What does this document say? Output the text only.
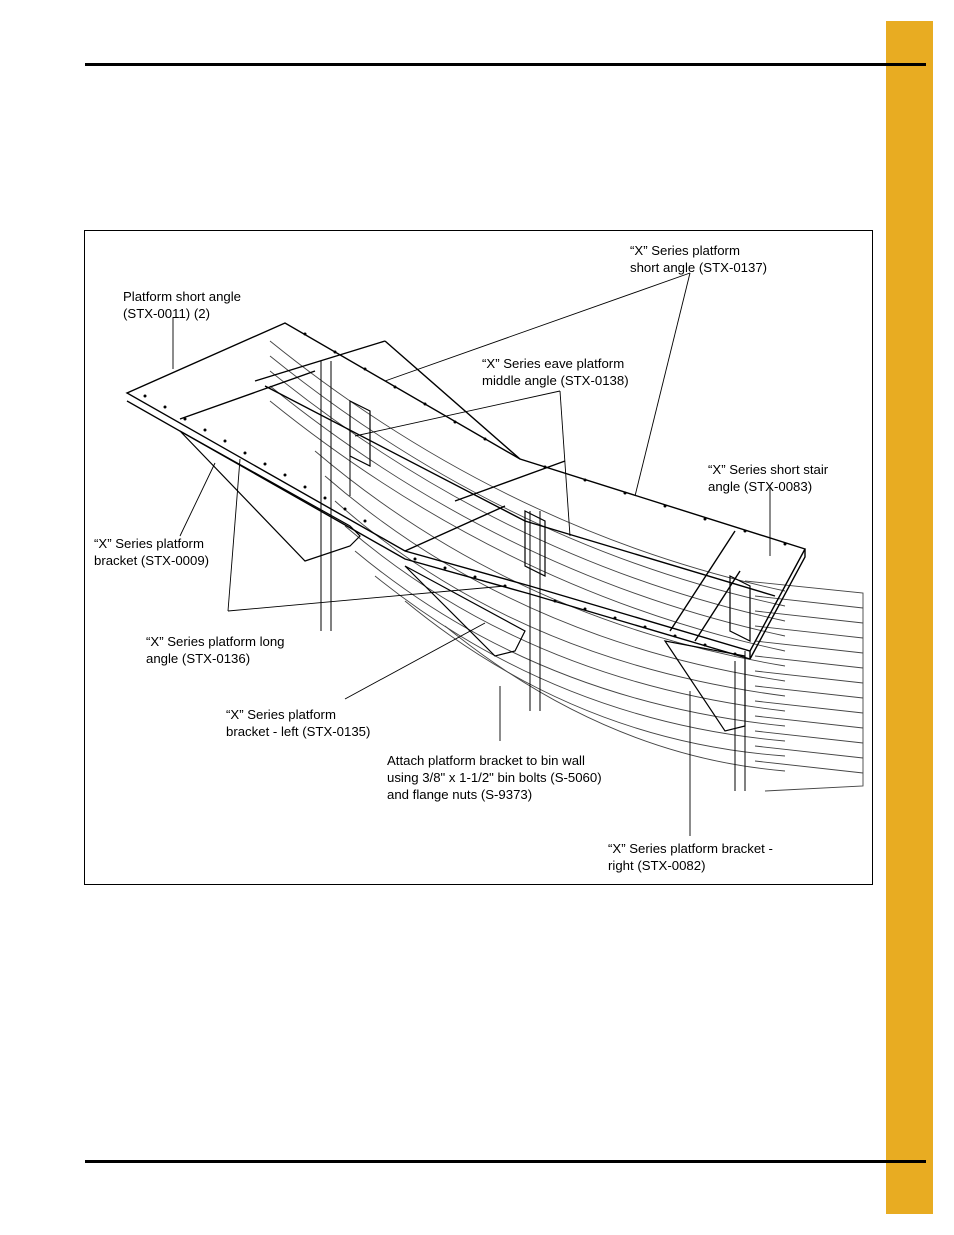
“X” Series platform
short angle (STX-0137)
Platform short angle
(STX-0011) (2)
“X” Series eave platform
middle angle (STX-0138)
“X” Series short stair
angle (STX-0083)
“X” Series platform
bracket (STX-0009)
“X” Series platform long
angle (STX-0136)
“X” Series platform
bracket - left (STX-0135)
Attach platform bracket to bin wall
using 3/8" x 1-1/2" bin bolts (S-5060)
and flange nuts (S-9373)
“X” Series platform bracket -
right (STX-0082)
